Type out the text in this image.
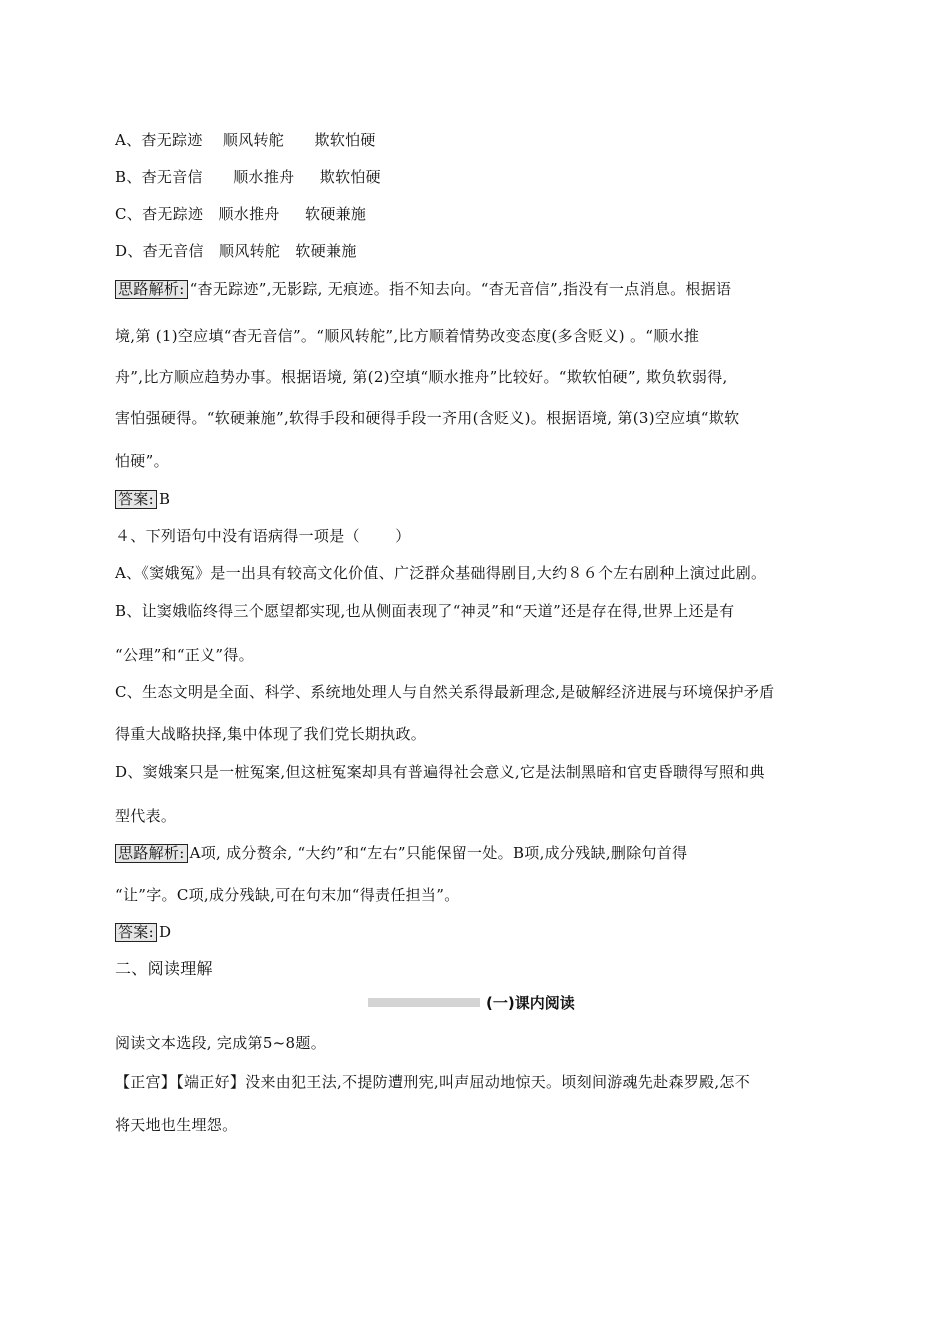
A、杳无踪迹    顺风转舵      欺软怕硬
B、杳无音信      顺水推舟     欺软怕硬
C、杳无踪迹   顺水推舟     软硬兼施
D、杳无音信   顺风转舵   软硬兼施
思路解析: “杳无踪迹”,无影踪, 无痕迹。指不知去向。“杳无音信”,指没有一点消息。根据语
境,第 (1)空应填“杳无音信”。“顺风转舵”,比方顺着情势改变态度(多含贬义) 。“顺水推
舟”,比方顺应趋势办事。根据语境, 第(2)空填“顺水推舟”比较好。“欺软怕硬”, 欺负软弱得,
害怕强硬得。“软硬兼施”,软得手段和硬得手段一齐用(含贬义)。根据语境, 第(3)空应填“欺软
怕硬”。
答案: B
４、下列语句中没有语病得一项是（       ）
A、《窦娥冤》是一出具有较高文化价值、广泛群众基础得剧目,大约８６个左右剧种上演过此剧。
B、让窦娥临终得三个愿望都实现,也从侧面表现了“神灵”和“天道”还是存在得,世界上还是有
“公理”和“正义”得。
C、生态文明是全面、科学、系统地处理人与自然关系得最新理念,是破解经济进展与环境保护矛盾
得重大战略抉择,集中体现了我们党长期执政。
D、窦娥案只是一桩冤案,但这桩冤案却具有普遍得社会意义,它是法制黑暗和官吏昏聩得写照和典
型代表。
思路解析: A项, 成分赘余, “大约”和“左右”只能保留一处。B项,成分残缺,删除句首得
“让”字。C项,成分残缺,可在句末加“得责任担当”。
答案: D
二、阅读理解
(一)课内阅读
阅读文本选段, 完成第5~8题。
【正宫】【端正好】没来由犯王法,不提防遭刑宪,叫声屈动地惊天。顷刻间游魂先赴森罗殿,怎不
将天地也生埋怨。
